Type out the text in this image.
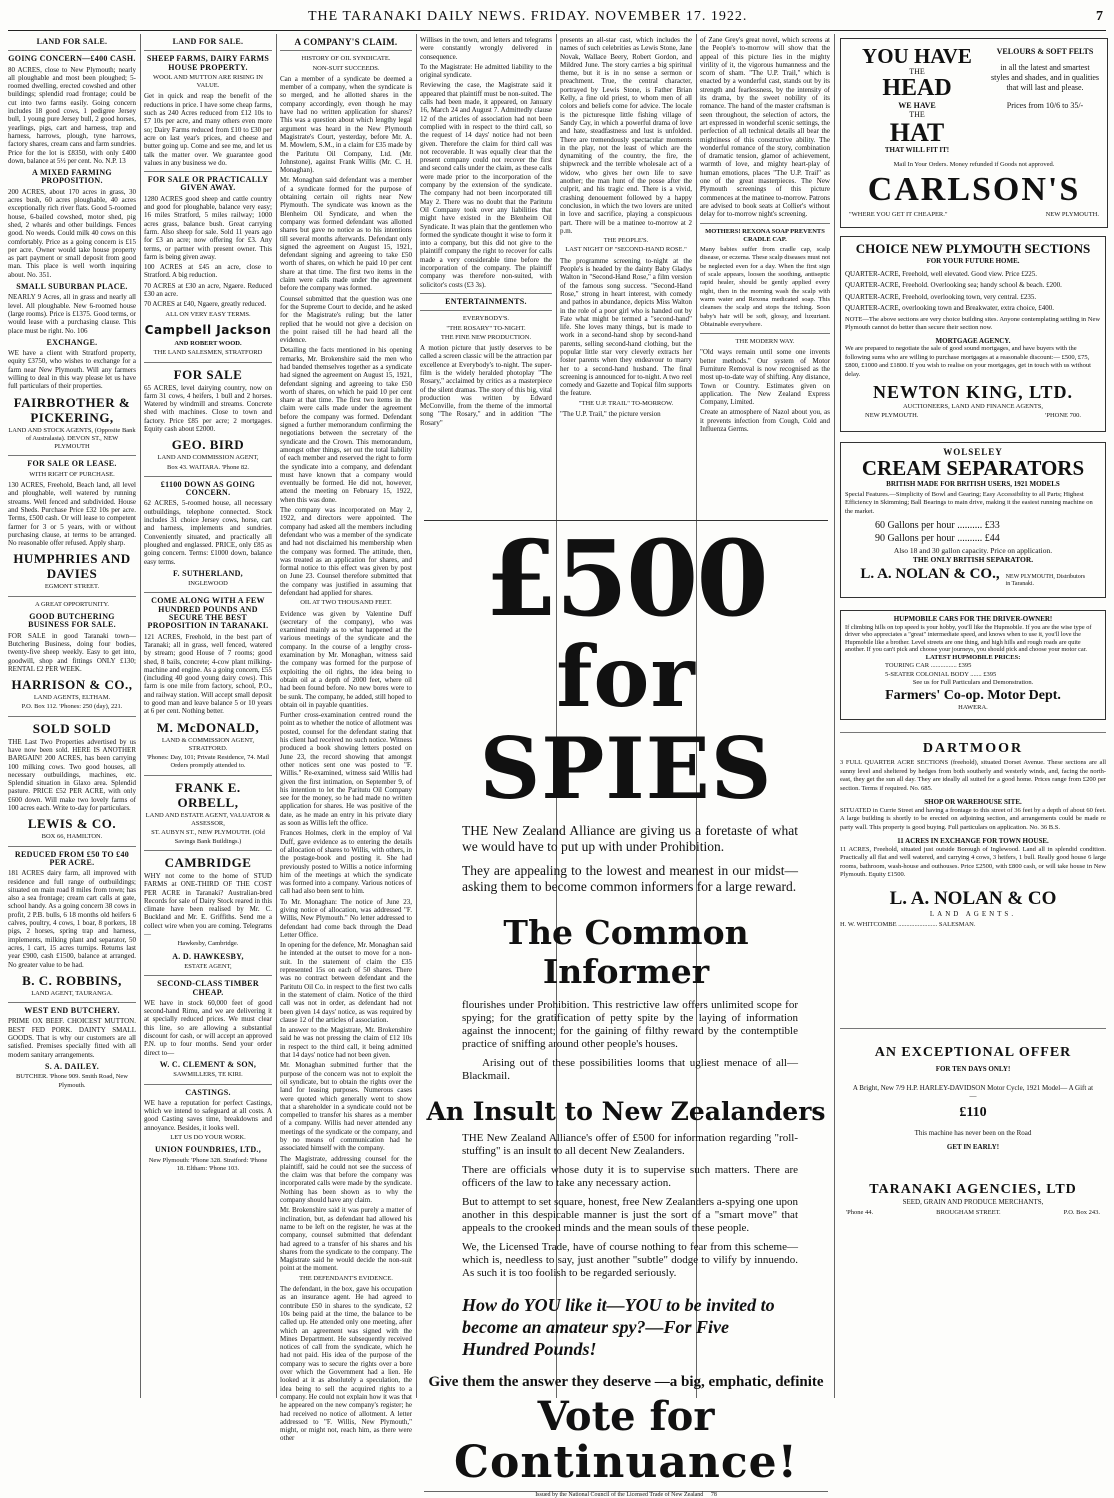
THE TARANAKI DAILY NEWS. FRIDAY. NOVEMBER 17. 1922.	7
LAND FOR SALE.
GOING CONCERN—£400 CASH.
80 ACRES, close to New Plymouth; nearly all ploughable and most been ploughed; 5-roomed dwelling, erected cowshed and other buildings; splendid road frontage; could be cut into two farms easily. Going concern includes 18 good cows, 1 pedigree Jersey bull, 1 young pure Jersey bull, 2 good horses, yearlings, pigs, cart and harness, trap and harness, harrows, plough, tyne harrows, factory shares, cream cans and farm sundries. Price for the lot is £8350, with only £400 down, balance at 5½ per cent. No. N.P. 13
A MIXED FARMING PROPOSITION.
200 ACRES, about 170 acres in grass, 30 acres bush, 60 acres ploughable, 40 acres exceptionally rich river flats. Good 5-roomed house, 6-bailed cowshed, motor shed, pig shed, 2 wharés and other buildings. Fences good. No weeds. Could milk 40 cows on this comfortably. Price as a going concern is £15 per acre. Owner would take house property as part payment or small deposit from good man. This place is well worth inquiring about. No. 351.
SMALL SUBURBAN PLACE.
NEARLY 9 Acres, all in grass and nearly all level. All ploughable. New 6-roomed house (large rooms). Price is £1375. Good terms, or would lease with a purchasing clause. This place must be right. No. 106
EXCHANGE.
WE have a client with Stratford property, equity £3750, who wishes to exchange for a farm near New Plymouth. Will any farmers willing to deal in this way please let us have full particulars of their properties.
FAIRBROTHER & PICKERING,
LAND AND STOCK AGENTS, (Opposite Bank of Australasia). DEVON ST., NEW PLYMOUTH
FOR SALE OR LEASE.
WITH RIGHT OF PURCHASE.
130 ACRES, Freehold, Beach land, all level and ploughable, well watered by running streams. Well fenced and subdivided. House and Sheds. Purchase Price £32 10s per acre. Terms, £500 cash. Or will lease to competent farmer for 3 or 5 years, with or without purchasing clause, at terms to be arranged. No reasonable offer refused. Apply sharp.
HUMPHRIES AND DAVIES
EGMONT STREET.
A GREAT OPPORTUNITY.
GOOD BUTCHERING BUSINESS FOR SALE.
FOR SALE in good Taranaki town—Butchering Business, doing four bodies, twenty-five sheep weekly. Easy to get into, goodwill, shop and fittings ONLY £130; RENTAL £2 PER WEEK.
HARRISON & CO.,
LAND AGENTS, ELTHAM.
P.O. Box 112. 'Phones: 250 (day), 221.
SOLD SOLD
THE Last Two Properties advertised by us have now been sold. HERE IS ANOTHER BARGAIN! 200 ACRES, has been carrying 100 milking cows. Two good houses, all necessary outbuildings, machines, etc. Splendid situation in Glaxo area. Splendid pasture. PRICE £52 PER ACRE, with only £600 down. Will make two lovely farms of 100 acres each. Write to-day for particulars.
LEWIS & CO.
BOX 66, HAMILTON.
REDUCED FROM £50 TO £40 PER ACRE.
181 ACRES dairy farm, all improved with residence and full range of outbuildings; situated on main road 8 miles from town; has also a sea frontage; cream cart calls at gate, school handy. As a going concern 38 cows in profit, 2 P.B. bulls, 6 18 months old heifers 6 calves, poultry, 4 cows, 1 boar, 8 porkers, 18 pigs, 2 horses, spring trap and harness, implements, milking plant and separator, 50 acres, 1 cart, 15 acres turnips. Returns last year £900, cash £1500, balance at arranged. No greater value to be had.
B. C. ROBBINS,
LAND AGENT, TAURANGA.
WEST END BUTCHERY.
PRIME OX BEEF. CHOICEST MUTTON. BEST FED PORK. DAINTY SMALL GOODS. That is why our customers are all satisfied. Premises specially fitted with all modern sanitary arrangements.
S. A. DAILEY.
BUTCHER. 'Phone 909. Smith Road, New Plymouth.
LAND FOR SALE.
SHEEP FARMS, DAIRY FARMS HOUSE PROPERTY.
WOOL AND MUTTON ARE RISING IN VALUE.
Get in quick and reap the benefit of the reductions in price. I have some cheap farms, such as 240 Acres reduced from £12 10s to £7 10s per acre, and many others even more so; Dairy Farms reduced from £10 to £30 per acre on last year's prices, and cheese and butter going up. Come and see me, and let us talk the matter over. We guarantee good values in any business we do.
FOR SALE OR PRACTICALLY GIVEN AWAY.
1280 ACRES good sheep and cattle country and good for ploughable, balance very easy; 16 miles Stratford, 5 miles railway; 1000 acres grass, balance bush. Great carrying farm. Also sheep for sale. Sold 11 years ago for £3 an acre; now offering for £3. Any terms, or partner with present owner. This farm is being given away.
100 ACRES at £45 an acre, close to Stratford. A big reduction.
70 ACRES at £30 an acre, Ngaere. Reduced £30 an acre.
70 ACRES at £40, Ngaere, greatly reduced.
ALL ON VERY EASY TERMS.
Campbell Jackson
AND ROBERT WOOD.
THE LAND SALESMEN, STRATFORD
FOR SALE
65 ACRES, level dairying country, now on farm 31 cows, 4 heifers, 1 bull and 2 horses. Watered by windmill and streams. Concrete shed with machines. Close to town and factory. Price £85 per acre; 2 mortgages. Equity cash about £2000.
GEO. BIRD
LAND AND COMMISSION AGENT,
Box 43. WAITARA. 'Phone 82.
£1100 DOWN AS GOING CONCERN.
62 ACRES, 5-roomed house, all necessary outbuildings, telephone connected. Stock includes 31 choice Jersey cows, horse, cart and harness, implements and sundries. Conveniently situated, and practically all ploughed and englassed. PRICE, only £85 as going concern. Terms: £1000 down, balance easy terms.
F. SUTHERLAND,
INGLEWOOD
COME ALONG WITH A FEW HUNDRED POUNDS AND SECURE THE BEST PROPOSITION IN TARANAKI.
121 ACRES, Freehold, in the best part of Taranaki; all in grass, well fenced, watered by stream; good House of 7 rooms; good shed, 8 bails, concrete; 4-cow plant milking-machine and engine. As a going concern, £55 (including 40 good young dairy cows). This farm is one mile from factory, school, P.O., and railway station. Will accept small deposit to good man and leave balance 5 or 10 years at 6 per cent. Nothing better.
M. McDONALD,
LAND & COMMISSION AGENT, STRATFORD.
'Phones: Day, 101; Private Residence, 74. Mail Orders promptly attended to.
FRANK E. ORBELL,
LAND AND ESTATE AGENT, VALUATOR & ASSESSOR,
ST. AUBYN ST., NEW PLYMOUTH. (Old Savings Bank Buildings.)
CAMBRIDGE
WHY not come to the home of STUD FARMS at ONE-THIRD OF THE COST PER ACRE in Taranaki? Australian-bred Records for sale of Dairy Stock reared in this climate have been realised by Mr. C. Buckland and Mr. E. Griffiths. Send me a collect wire when you are coming. Telegrams—
Hawkesby, Cambridge.
A. D. HAWKESBY,
ESTATE AGENT,
SECOND-CLASS TIMBER CHEAP.
WE have in stock 60,000 feet of good second-hand Rimu, and we are delivering it at specially reduced prices. We must clear this line, so are allowing a substantial discount for cash, or will accept an approved P.N. up to four months. Send your order direct to—
W. C. CLEMENT & SON,
SAWMILLERS, TE KIRI.
CASTINGS.
WE have a reputation for perfect Castings, which we intend to safeguard at all costs. A good Casting saves time, breakdowns and annoyance. Besides, it looks well.
LET US DO YOUR WORK.
UNION FOUNDRIES, LTD.,
New Plymouth: 'Phone 328. Stratford: 'Phone 18. Eltham: 'Phone 103.
A COMPANY'S CLAIM.
HISTORY OF OIL SYNDICATE.
NON-SUIT SUCCEEDS.
Can a member of a syndicate be deemed a member of a company, when the syndicate is so merged, and he allotted shares in the company accordingly, even though he may have had no written application for shares? This was a question about which lengthy legal argument was heard in the New Plymouth Magistrate's Court, yesterday, before Mr. A. M. Mowlem, S.M., in a claim for £35 made by the Paritutu Oil Company, Ltd. (Mr. Johnstone), against Frank Willis (Mr. C. H. Monaghan).
Mr. Monaghan said defendant was a member of a syndicate formed for the purpose of obtaining certain oil rights near New Plymouth. The syndicate was known as the Blenheim Oil Syndicate, and when the company was formed defendant was allotted shares but gave no notice as to his intentions till several months afterwards. Defendant only signed the agreement on August 15, 1921, defendant signing and agreeing to take £50 worth of shares, on which he paid 10 per cent share at that time. The first two items in the claim were calls made under the agreement before the company was formed.
Counsel submitted that the question was one for the Supreme Court to decide, and he asked for the Magistrate's ruling; but the latter replied that he would not give a decision on the point raised till he had heard all the evidence.
Detailing the facts mentioned in his opening remarks, Mr. Brokenshire said the men who had banded themselves together as a syndicate had signed the agreement on August 15, 1921, defendant signing and agreeing to take £50 worth of shares, on which he paid 10 per cent share at that time. The first two items in the claim were calls made under the agreement before the company was formed. Defendant signed a further memorandum confirming the negotiations between the secretary of the syndicate and the Crown. This memorandum, amongst other things, set out the total liability of each member and reserved the right to form the syndicate into a company, and defendant must have known that a company would eventually be formed. He did not, however, attend the meeting on February 15, 1922, when this was done.
The company was incorporated on May 2, 1922, and directors were appointed. The company had asked all the members including defendant who was a member of the syndicate and had not disclaimed his membership when the company was formed. The attitude, then, was treated as an application for shares, and formal notice to this effect was given by post on June 23. Counsel therefore submitted that the company was justified in assuming that defendant had applied for shares.
OIL AT TWO THOUSAND FEET.
Evidence was given by Valentine Duff (secretary of the company), who was examined mainly as to what happened at the various meetings of the syndicate and the company. In the course of a lengthy cross-examination by Mr. Monaghan, witness said the company was formed for the purpose of exploiting the oil rights, the idea being to obtain oil at a depth of 2000 feet, where oil had been found before. No new bores were to be sunk. The company, he added, still hoped to obtain oil in payable quantities.
Further cross-examination centred round the point as to whether the notice of allotment was posted, counsel for the defendant stating that his client had received no such notice. Witness produced a book showing letters posted on June 23, the record showing that amongst other notices sent one was posted to "F. Willis." Re-examined, witness said Willis had given the first intimation, on September 9, of his intention to let the Paritutu Oil Company see for the money, so he had made no written application for shares. He was positive of the date, as he made an entry in his private diary as soon as Willis left the office.
Frances Holmes, clerk in the employ of Val Duff, gave evidence as to entering the details of allocation of shares to Willis, with others, in the postage-book and posting it. She had previously posted to Willis a notice informing him of the meetings at which the syndicate was formed into a company. Various notices of call had also been sent to him.
To Mr. Monaghan: The notice of June 23, giving notice of allocation, was addressed "F. Willis, New Plymouth." No letter addressed to defendant had come back through the Dead Letter Office.
In opening for the defence, Mr. Monaghan said he intended at the outset to move for a non-suit. In the statement of claim the £35 represented 15s on each of 50 shares. There was no contract between defendant and the Paritutu Oil Co. in respect to the first two calls in the statement of claim. Notice of the third call was not in order, as defendant had not been given 14 days' notice, as was required by clause 12 of the articles of association.
In answer to the Magistrate, Mr. Brokenshire said he was not pressing the claim of £12 10s in respect to the third call, it being admitted that 14 days' notice had not been given.
Mr. Monaghan submitted further that the purpose of the concern was not to exploit the oil syndicate, but to obtain the rights over the land for leasing purposes. Numerous cases were quoted which generally went to show that a shareholder in a syndicate could not be compelled to transfer his shares as a member of a company. Willis had never attended any meetings of the syndicate or the company, and by no means of communication had he associated himself with the company.
The Magistrate, addressing counsel for the plaintiff, said he could not see the success of the claim was that before the company was incorporated calls were made by the syndicate. Nothing has been shown as to why the company should have any claim.
Mr. Brokenshire said it was purely a matter of inclination, but, as defendant had allowed his name to be left on the register, he was at the company, counsel submitted that defendant had agreed to a transfer of his shares and his shares from the syndicate to the company. The Magistrate said he would decide the non-suit point at the moment.
THE DEFENDANT'S EVIDENCE.
The defendant, in the box, gave his occupation as an insurance agent. He had agreed to contribute £50 in shares to the syndicate, £2 10s being paid at the time, the balance to be called up. He attended only one meeting, after which an agreement was signed with the Mines Department. He subsequently received notices of call from the syndicate, which he had not paid. His idea of the purpose of the company was to secure the rights over a bore over which the Government had a lien. He looked at it as absolutely a speculation, the idea being to sell the acquired rights to a company. He could not explain how it was that he appeared on the new company's register; he had received no notice of allotment. A letter addressed to "F. Willis, New Plymouth," might, or might not, reach him, as there were other
Willises in the town, and letters and telegrams were constantly wrongly delivered in consequence.
To the Magistrate: He admitted liability to the original syndicate.
Reviewing the case, the Magistrate said it appeared that plaintiff must be non-suited. The calls had been made, it appeared, on January 16, March 24 and August 7. Admittedly clause 12 of the articles of association had not been complied with in respect to the third call, so the request of 14 days' notice had not been given. Therefore the claim for third call was not recoverable. It was equally clear that the present company could not recover the first and second calls under the claim, as these calls were made prior to the incorporation of the company by the extension of the syndicate. The company had not been incorporated till May 2. There was no doubt that the Paritutu Oil Company took over any liabilities that might have existed in the Blenheim Oil Syndicate. It was plain that the gentlemen who formed the syndicate thought it wise to form it into a company, but this did not give to the plaintiff company the right to recover for calls made a very considerable time before the incorporation of the company. The plaintiff company was therefore non-suited, with solicitor's costs (£3 3s).
ENTERTAINMENTS.
EVERYBODY'S.
"THE ROSARY" TO-NIGHT.
THE FINE NEW PRODUCTION.
A motion picture that justly deserves to be called a screen classic will be the attraction par excellence at Everybody's to-night. The super-film is the widely heralded photoplay "The Rosary," acclaimed by critics as a masterpiece of the silent dramas. The story of this big, vital production was written by Edward McConville, from the theme of the immortal song "The Rosary," and in addition "The Rosary"
presents an all-star cast, which includes the names of such celebrities as Lewis Stone, Jane Novak, Wallace Beery, Robert Gordon, and Mildred June. The story carries a big spiritual theme, but it is in no sense a sermon or preachment. True, the central character, portrayed by Lewis Stone, is Father Brian Kelly, a fine old priest, to whom men of all colors and beliefs come for advice. The locale is the picturesque little fishing village of Sandy Cay, in which a powerful drama of love and hate, steadfastness and lust is unfolded. There are tremendously spectacular moments in the play, not the least of which are the dynamiting of the country, the fire, the shipwreck and the terrible wholesale act of a widow, who gives her own life to save another; the man hunt of the posse after the culprit, and his tragic end. There is a vivid, crashing denouement followed by a happy conclusion, in which the two lovers are united in love and sacrifice, playing a conspicuous part. There will be a matinee to-morrow at 2 p.m.
THE PEOPLE'S.
LAST NIGHT OF "SECOND-HAND ROSE."
The programme screening to-night at the People's is headed by the dainty Baby Gladys Walton in "Second-Hand Rose," a film version of the famous song success. "Second-Hand Rose," strong in heart interest, with comedy and pathos in abundance, depicts Miss Walton in the role of a poor girl who is handed out by Fate what might be termed a "second-hand" life. She loves many things, but is made to work in a second-hand shop by second-hand parents, selling second-hand clothing, but the popular little star very cleverly extracts her foster parents when they endeavour to marry her to a second-hand husband. The final screening is announced for to-night. A two reel comedy and Gazette and Topical film supports the feature.
"THE U.P. TRAIL" TO-MORROW.
"The U.P. Trail," the picture version
of Zane Grey's great novel, which screens at the People's to-morrow will show that the appeal of this picture lies in the mighty virility of it, the vigorous humanness and the scorn of sham. "The U.P. Trail," which is enacted by a wonderful cast, stands out by its strength and fearlessness, by the intensity of its drama, by the sweet nobility of its romance. The hand of the master craftsman is seen throughout, the selection of actors, the art expressed in wonderful scenic settings, the perfection of all technical details all bear the mightiness of this constructive ability. The wonderful romance of the story, combination of dramatic tension, glamor of achievement, warmth of love, and mighty heart-play of human emotions, places "The U.P. Trail" as one of the great masterpieces. The New Plymouth screenings of this picture commences at the matinee to-morrow. Patrons are advised to book seats at Collier's without delay for to-morrow night's screening.
MOTHERS! REXONA SOAP PREVENTS CRADLE CAP.
Many babies suffer from cradle cap, scalp disease, or eczema. These scalp diseases must not be neglected even for a day. When the first sign of scale appears, loosen the soothing, antiseptic rapid healer, should be gently applied every night, then in the morning wash the scalp with warm water and Rexona medicated soap. This cleanses the scalp and stops the itching. Soon baby's hair will be soft, glossy, and luxuriant. Obtainable everywhere.
THE MODERN WAY.
"Old ways remain until some one invents better methods." Our system of Motor Furniture Removal is now recognised as the most up-to-date way of shifting. Any distance, Town or Country. Estimates given on application. The New Zealand Express Company, Limited.
Create an atmosphere of Nazol about you, as it prevents infection from Cough, Cold and Influenza Germs.
£500
for SPIES
THE New Zealand Alliance are giving us a foretaste of what we would have to put up with under Prohibition.
They are appealing to the lowest and meanest in our midst—asking them to become common informers for a large reward.
The Common Informer
flourishes under Prohibition. This restrictive law offers unlimited scope for spying; for the gratification of petty spite by the laying of information against the innocent; for the gaining of filthy reward by the contemptible practice of sniffing around other people's houses.
Arising out of these possibilities looms that ugliest menace of all—Blackmail.
An Insult to New Zealanders
THE New Zealand Alliance's offer of £500 for information regarding "roll-stuffing" is an insult to all decent New Zealanders.
There are officials whose duty it is to supervise such matters. There are officers of the law to take any necessary action.
But to attempt to set square, honest, free New Zealanders a-spying one upon another in this despicable manner is just the sort of a "smart move" that appeals to the crooked minds and the mean souls of these people.
We, the Licensed Trade, have of course nothing to fear from this scheme—which is, needless to say, just another "subtle" dodge to vilify by innuendo. As such it is too foolish to be regarded seriously.
How do YOU like it—YOU to be invited to become an amateur spy?—For Five Hundred Pounds!
Give them the answer they deserve —a big, emphatic, definite
Vote for
Continuance!
Issued by the National Council of the Licensed Trade of New Zealand 78
YOU HAVE
THE
HEAD
WE HAVE
THE
HAT
THAT WILL FIT IT!
VELOURS & SOFT FELTS
in all the latest and smartest styles and shades, and in qualities that will last and please.
Prices from 10/6 to 35/-
Mail In Your Orders. Money refunded if Goods not approved.
CARLSON'S
"WHERE YOU GET IT CHEAPER."	NEW PLYMOUTH.
CHOICE NEW PLYMOUTH SECTIONS
FOR YOUR FUTURE HOME.
QUARTER-ACRE, Freehold, well elevated. Good view. Price £225.
QUARTER-ACRE, Freehold. Overlooking sea; handy school & beach. £200.
QUARTER-ACRE, Freehold, overlooking town, very central. £235.
QUARTER-ACRE, overlooking town and Breakwater, extra choice, £400.
NOTE—The above sections are very choice building sites. Anyone contemplating settling in New Plymouth cannot do better than secure their section now.
MORTGAGE AGENCY.
We are prepared to negotiate the sale of good sound mortgages, and have buyers with the following sums who are willing to purchase mortgages at a reasonable discount:— £500, £75, £800, £1000 and £1800. If you wish to realise on your mortgages, get in touch with us without delay.
NEWTON KING, LTD.
AUCTIONEERS, LAND AND FINANCE AGENTS,
NEW PLYMOUTH.	'PHONE 700.
WOLSELEY
CREAM SEPARATORS
BRITISH MADE FOR BRITISH USERS, 1921 MODELS
Special Features.—Simplicity of Bowl and Gearing; Easy Accessibility to all Parts; Highest Efficiency in Skimming; Ball Bearings to main drive, making it the easiest running machine on the market.
60 Gallons per hour .......... £33
90 Gallons per hour .......... £44
Also 18 and 30 gallon capacity. Price on application.
THE ONLY BRITISH SEPARATOR.
L. A. NOLAN & CO., NEW PLYMOUTH, Distributors in Taranaki.
HUPMOBILE CARS FOR THE DRIVER-OWNER!
If climbing hills on top speed is your hobby, you'll like the Hupmobile. If you are the wise type of driver who appreciates a "great" intermediate speed, and knows when to use it, you'll love the Hupmobile like a brother. Level streets are one thing, and high hills and rough roads are quite another. If you can't pick and choose your journeys, you should pick and choose your motor car.
LATEST HUPMOBILE PRICES:
TOURING CAR ................ £395
5-SEATER COLONIAL BODY ....... £395
See us for Full Particulars and Demonstration.
Farmers' Co-op. Motor Dept.
HAWERA.
DARTMOOR
3 FULL QUARTER ACRE SECTIONS (freehold), situated Dorset Avenue. These sections are all sunny level and sheltered by hedges from both southerly and westerly winds, and, facing the north-east, they get the sun all day. They are ideally all suited for a good home. Prices range from £200 per section. Terms if required. No. 685.
SHOP OR WAREHOUSE SITE.
SITUATED in Currie Street and having a frontage to this street of 36 feet by a depth of about 60 feet. A large building is shortly to be erected on adjoining section, and arrangements could be made re party wall. This property is good buying. Full particulars on application. No. 36 B.S.
11 ACRES IN EXCHANGE FOR TOWN HOUSE.
11 ACRES, Freehold, situated just outside Borough of Inglewood. Land all in splendid condition. Practically all flat and well watered, and carrying 4 cows, 3 heifers, 1 bull. Really good house 6 large rooms, bathroom, wash-house and outhouses. Price £2500, with £800 cash, or will take house in New Plymouth. Equity £1500.
L. A. NOLAN & CO
LAND AGENTS.
H. W. WHITCOMBE ........................ SALESMAN.
AN EXCEPTIONAL OFFER
FOR TEN DAYS ONLY!
A Bright, New 7/9 H.P. HARLEY-DAVIDSON Motor Cycle, 1921 Model— A Gift at—
£110
This machine has never been on the Road
GET IN EARLY!
TARANAKI AGENCIES, LTD
SEED, GRAIN AND PRODUCE MERCHANTS,
'Phone 44.	BROUGHAM STREET.	P.O. Box 243.
